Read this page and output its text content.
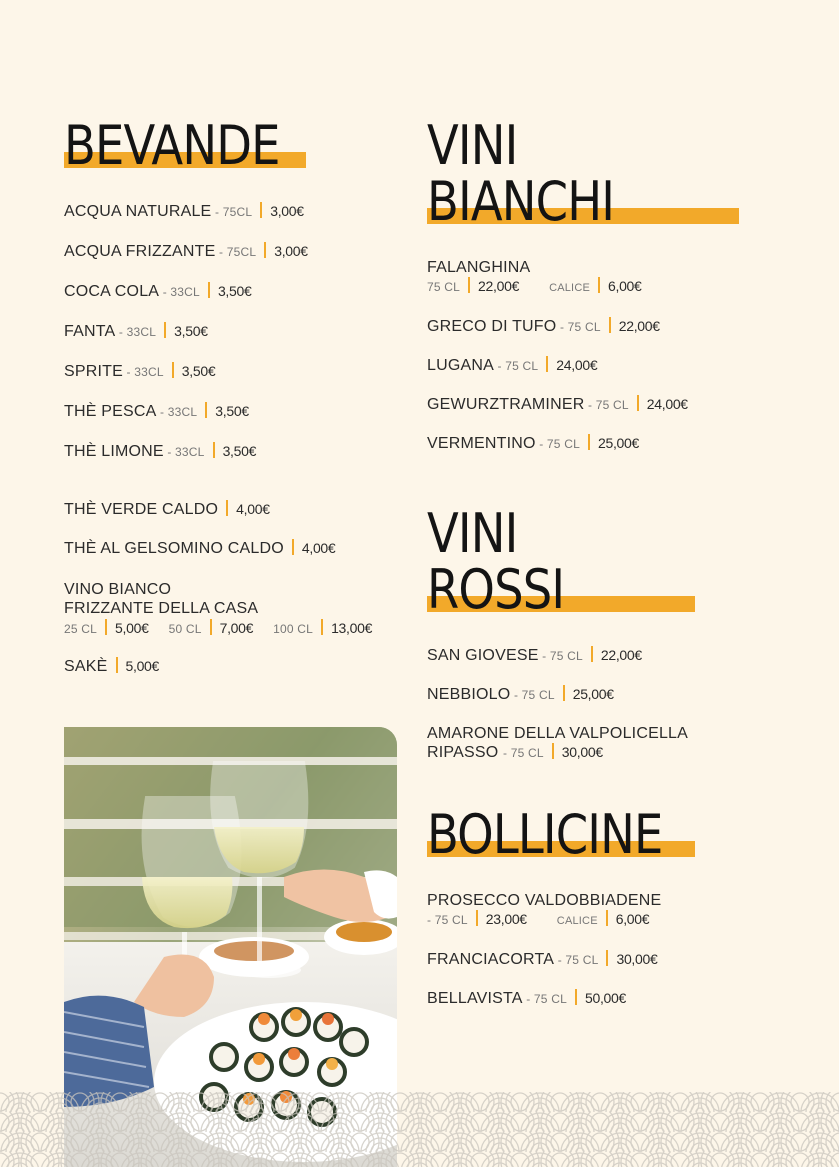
BEVANDE
ACQUA NATURALE - 75CL 3,00€
ACQUA FRIZZANTE - 75CL 3,00€
COCA COLA - 33CL 3,50€
FANTA - 33CL 3,50€
SPRITE - 33CL 3,50€
THÈ PESCA - 33CL 3,50€
THÈ LIMONE - 33CL 3,50€
THÈ VERDE CALDO 4,00€
THÈ AL GELSOMINO CALDO 4,00€
VINO BIANCO
FRIZZANTE DELLA CASA
25 CL 5,00€ 50 CL 7,00€ 100 CL 13,00€
SAKÈ 5,00€
VINI BIANCHI
FALANGHINA
75 CL 22,00€	CALICE 6,00€
GRECO DI TUFO - 75 CL 22,00€
LUGANA - 75 CL 24,00€
GEWURZTRAMINER - 75 CL 24,00€
VERMENTINO - 75 CL 25,00€
VINI ROSSI
SAN GIOVESE - 75 CL 22,00€
NEBBIOLO - 75 CL 25,00€
AMARONE DELLA VALPOLICELLA
RIPASSO - 75 CL 30,00€
BOLLICINE
PROSECCO VALDOBBIADENE
- 75 CL 23,00€	CALICE 6,00€
FRANCIACORTA - 75 CL 30,00€
BELLAVISTA - 75 CL 50,00€
